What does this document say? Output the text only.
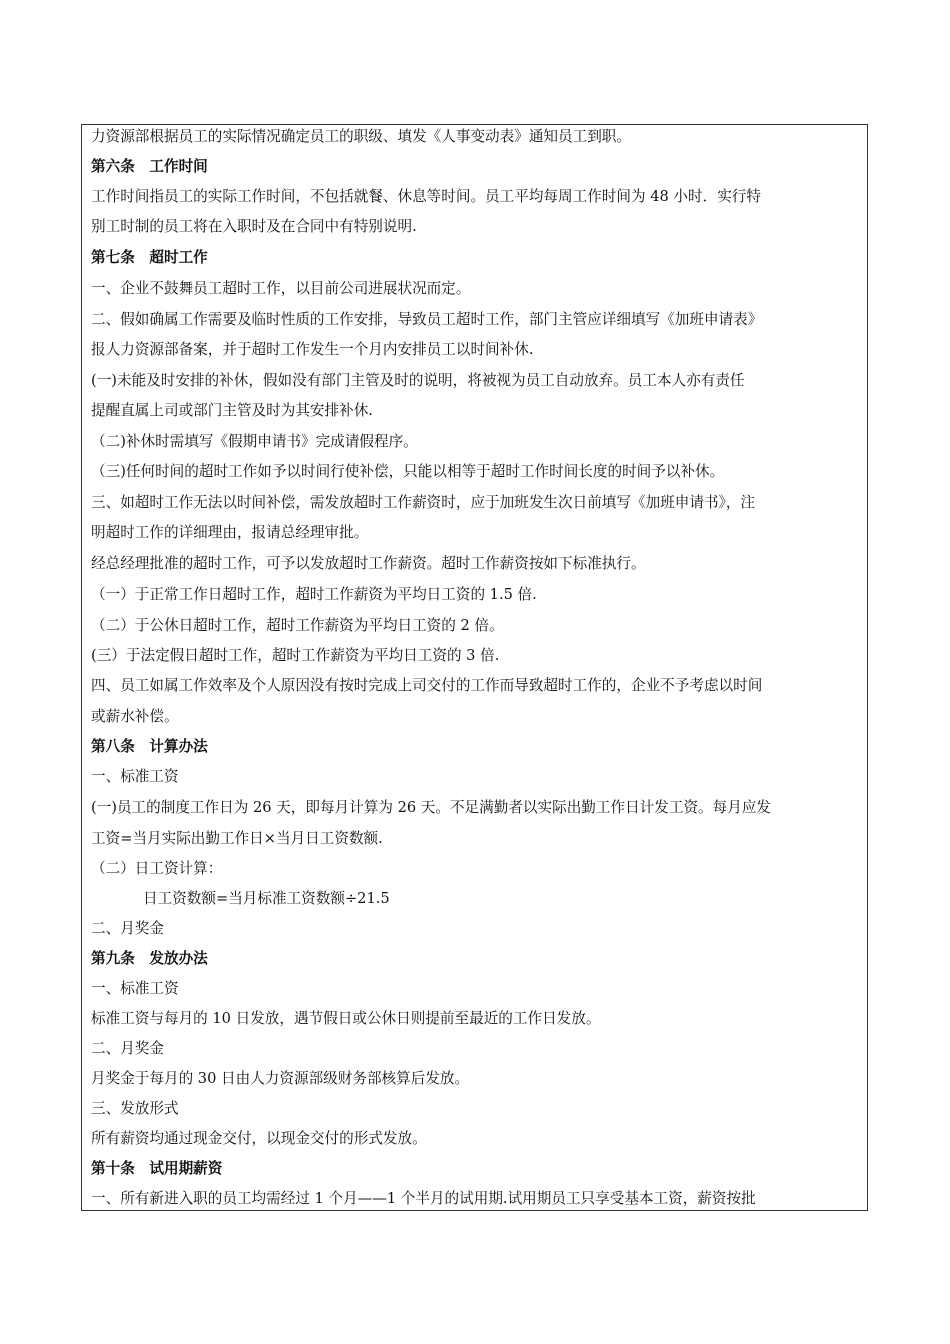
力资源部根据员工的实际情况确定员工的职级、填发《人事变动表》通知员工到职。
第六条　工作时间
工作时间指员工的实际工作时间，不包括就餐、休息等时间。员工平均每周工作时间为 48 小时．实行特
别工时制的员工将在入职时及在合同中有特别说明.
第七条　超时工作
一、企业不鼓舞员工超时工作，以目前公司进展状况而定。
二、假如确属工作需要及临时性质的工作安排，导致员工超时工作，部门主管应详细填写《加班申请表》
报人力资源部备案，并于超时工作发生一个月内安排员工以时间补休.
(一)未能及时安排的补休，假如没有部门主管及时的说明，将被视为员工自动放弃。员工本人亦有责任
提醒直属上司或部门主管及时为其安排补休.
（二)补休时需填写《假期申请书》完成请假程序。
（三)任何时间的超时工作如予以时间行使补偿，只能以相等于超时工作时间长度的时间予以补休。
三、如超时工作无法以时间补偿，需发放超时工作薪资时，应于加班发生次日前填写《加班申请书》，注
明超时工作的详细理由，报请总经理审批。
经总经理批准的超时工作，可予以发放超时工作薪资。超时工作薪资按如下标准执行。
（一）于正常工作日超时工作，超时工作薪资为平均日工资的 1.5 倍.
（二）于公休日超时工作，超时工作薪资为平均日工资的 2 倍。
(三）于法定假日超时工作，超时工作薪资为平均日工资的 3 倍.
四、员工如属工作效率及个人原因没有按时完成上司交付的工作而导致超时工作的，企业不予考虑以时间
或薪水补偿。
第八条　计算办法
一、标准工资
(一)员工的制度工作日为 26 天，即每月计算为 26 天。不足满勤者以实际出勤工作日计发工资。每月应发
工资=当月实际出勤工作日×当月日工资数额.
（二）日工资计算：
日工资数额=当月标准工资数额÷21.5
二、月奖金
第九条　发放办法
一、标准工资
标准工资与每月的 10 日发放，遇节假日或公休日则提前至最近的工作日发放。
二、月奖金
月奖金于每月的 30 日由人力资源部级财务部核算后发放。
三、发放形式
所有薪资均通过现金交付，以现金交付的形式发放。
第十条　试用期薪资
一、所有新进入职的员工均需经过 1 个月——1 个半月的试用期.试用期员工只享受基本工资，薪资按批
